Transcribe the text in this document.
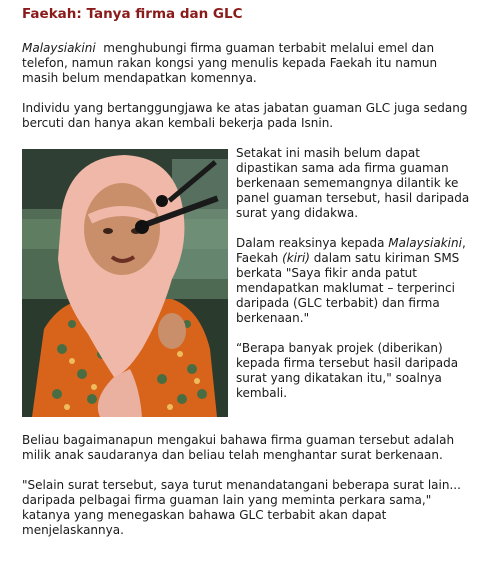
Faekah: Tanya firma dan GLC

Malaysiakini  menghubungi firma guaman terbabit melalui emel dan telefon, namun rakan kongsi yang menulis kepada Faekah itu namun masih belum mendapatkan komennya.

Individu yang bertanggungjawa ke atas jabatan guaman GLC juga sedang bercuti dan hanya akan kembali bekerja pada Isnin.

Setakat ini masih belum dapat dipastikan sama ada firma guaman berkenaan sememangnya dilantik ke panel guaman tersebut, hasil daripada surat yang didakwa.

Dalam reaksinya kepada Malaysiakini, Faekah (kiri) dalam satu kiriman SMS berkata "Saya fikir anda patut mendapatkan maklumat – terperinci daripada (GLC terbabit) dan firma berkenaan."

“Berapa banyak projek (diberikan) kepada firma tersebut hasil daripada surat yang dikatakan itu," soalnya kembali.

Beliau bagaimanapun mengakui bahawa firma guaman tersebut adalah milik anak saudaranya dan beliau telah menghantar surat berkenaan.

"Selain surat tersebut, saya turut menandatangani beberapa surat lain... daripada pelbagai firma guaman lain yang meminta perkara sama," katanya yang menegaskan bahawa GLC terbabit akan dapat menjelaskannya.
